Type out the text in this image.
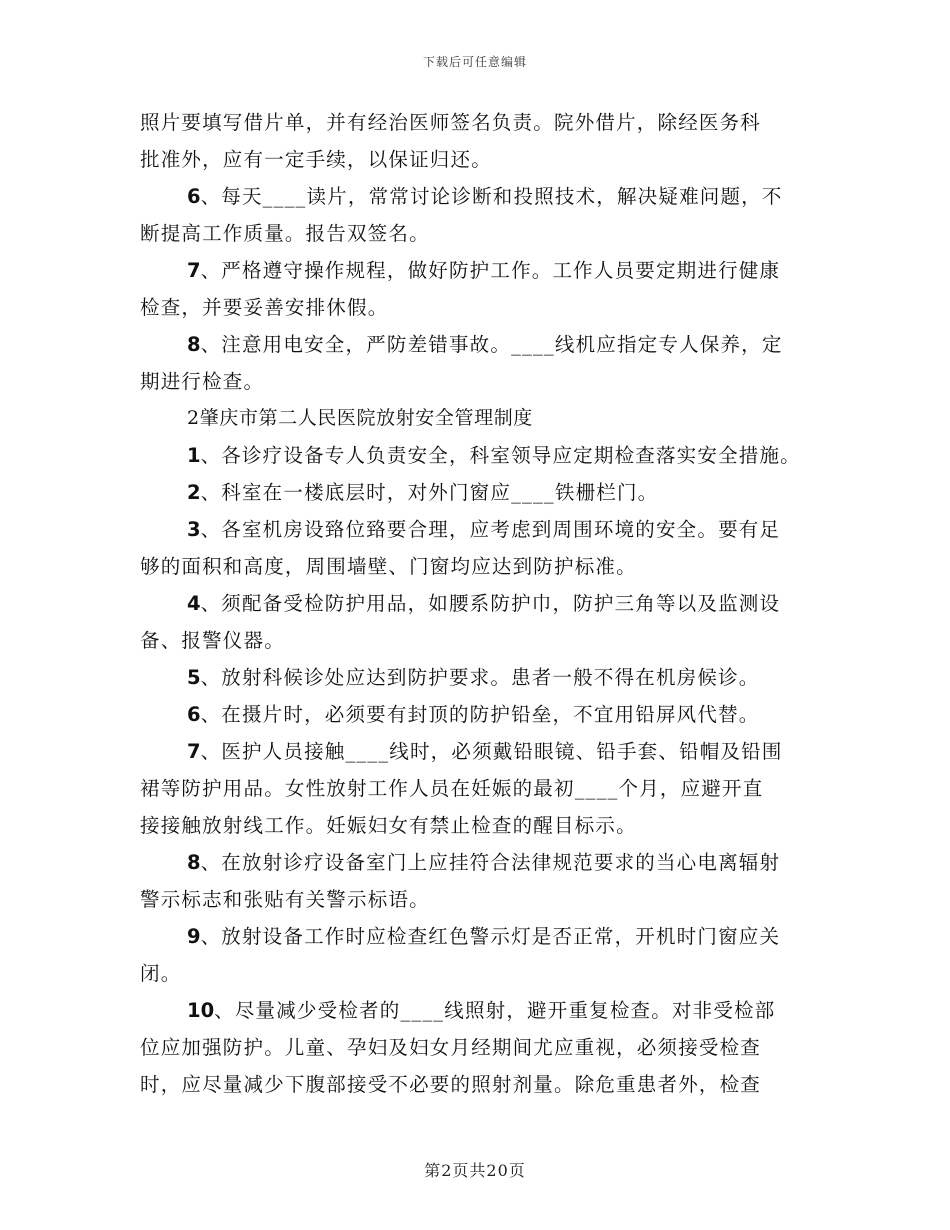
下载后可任意编辑
照片要填写借片单，并有经治医师签名负责。院外借片，除经医务科
批准外，应有一定手续，以保证归还。
6、每天____读片，常常讨论诊断和投照技术，解决疑难问题，不
断提高工作质量。报告双签名。
7、严格遵守操作规程，做好防护工作。工作人员要定期进行健康
检查，并要妥善安排休假。
8、注意用电安全，严防差错事故。____线机应指定专人保养，定
期进行检查。
2肇庆市第二人民医院放射安全管理制度
1、各诊疗设备专人负责安全，科室领导应定期检查落实安全措施。
2、科室在一楼底层时，对外门窗应____铁栅栏门。
3、各室机房设臵位臵要合理，应考虑到周围环境的安全。要有足
够的面积和高度，周围墙壁、门窗均应达到防护标准。
4、须配备受检防护用品，如腰系防护巾，防护三角等以及监测设
备、报警仪器。
5、放射科候诊处应达到防护要求。患者一般不得在机房候诊。
6、在摄片时，必须要有封顶的防护铅垒，不宜用铅屏风代替。
7、医护人员接触____线时，必须戴铅眼镜、铅手套、铅帽及铅围
裙等防护用品。女性放射工作人员在妊娠的最初____个月，应避开直
接接触放射线工作。妊娠妇女有禁止检查的醒目标示。
8、在放射诊疗设备室门上应挂符合法律规范要求的当心电离辐射
警示标志和张贴有关警示标语。
9、放射设备工作时应检查红色警示灯是否正常，开机时门窗应关
闭。
10、尽量减少受检者的____线照射，避开重复检查。对非受检部
位应加强防护。儿童、孕妇及妇女月经期间尤应重视，必须接受检查
时，应尽量减少下腹部接受不必要的照射剂量。除危重患者外，检查
第2页共20页
